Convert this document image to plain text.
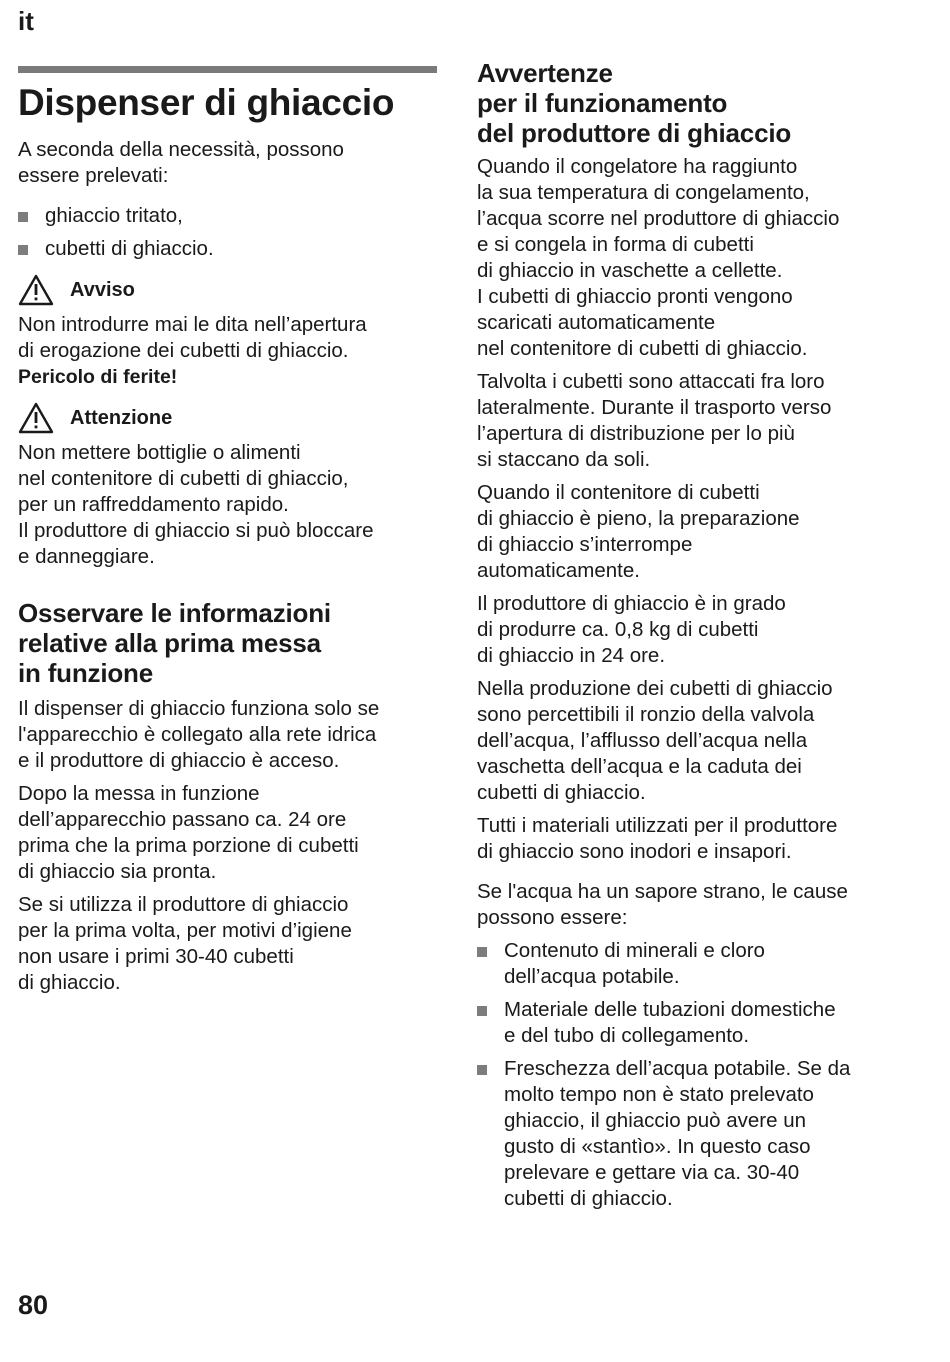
it
Dispenser di ghiaccio

A seconda della necessità, possono
essere prelevati:

ghiaccio tritato,
cubetti di ghiaccio.
Avviso

Non introdurre mai le dita nell’apertura
di erogazione dei cubetti di ghiaccio.
Pericolo di ferite!

Attenzione

Non mettere bottiglie o alimenti
nel contenitore di cubetti di ghiaccio,
per un raffreddamento rapido.
Il produttore di ghiaccio si può bloccare
e danneggiare.

Osservare le informazioni
relative alla prima messa
in funzione

Il dispenser di ghiaccio funziona solo se
l'apparecchio è collegato alla rete idrica
e il produttore di ghiaccio è acceso.

Dopo la messa in funzione
dell’apparecchio passano ca. 24 ore
prima che la prima porzione di cubetti
di ghiaccio sia pronta.

Se si utilizza il produttore di ghiaccio
per la prima volta, per motivi d’igiene
non usare i primi 30-40 cubetti
di ghiaccio.

Avvertenze
per il funzionamento
del produttore di ghiaccio

Quando il congelatore ha raggiunto
la sua temperatura di congelamento,
l’acqua scorre nel produttore di ghiaccio
e si congela in forma di cubetti
di ghiaccio in vaschette a cellette.
I cubetti di ghiaccio pronti vengono
scaricati automaticamente
nel contenitore di cubetti di ghiaccio.

Talvolta i cubetti sono attaccati fra loro
lateralmente. Durante il trasporto verso
l’apertura di distribuzione per lo più
si staccano da soli.

Quando il contenitore di cubetti
di ghiaccio è pieno, la preparazione
di ghiaccio s’interrompe
automaticamente.

Il produttore di ghiaccio è in grado
di produrre ca. 0,8 kg di cubetti
di ghiaccio in 24 ore.

Nella produzione dei cubetti di ghiaccio
sono percettibili il ronzio della valvola
dell’acqua, l’afflusso dell’acqua nella
vaschetta dell’acqua e la caduta dei
cubetti di ghiaccio.

Tutti i materiali utilizzati per il produttore
di ghiaccio sono inodori e insapori.

Se l'acqua ha un sapore strano, le cause
possono essere:

Contenuto di minerali e cloro
dell’acqua potabile.
Materiale delle tubazioni domestiche
e del tubo di collegamento.
Freschezza dell’acqua potabile. Se da
molto tempo non è stato prelevato
ghiaccio, il ghiaccio può avere un
gusto di «stantìo». In questo caso
prelevare e gettare via ca. 30-40
cubetti di ghiaccio.
80
